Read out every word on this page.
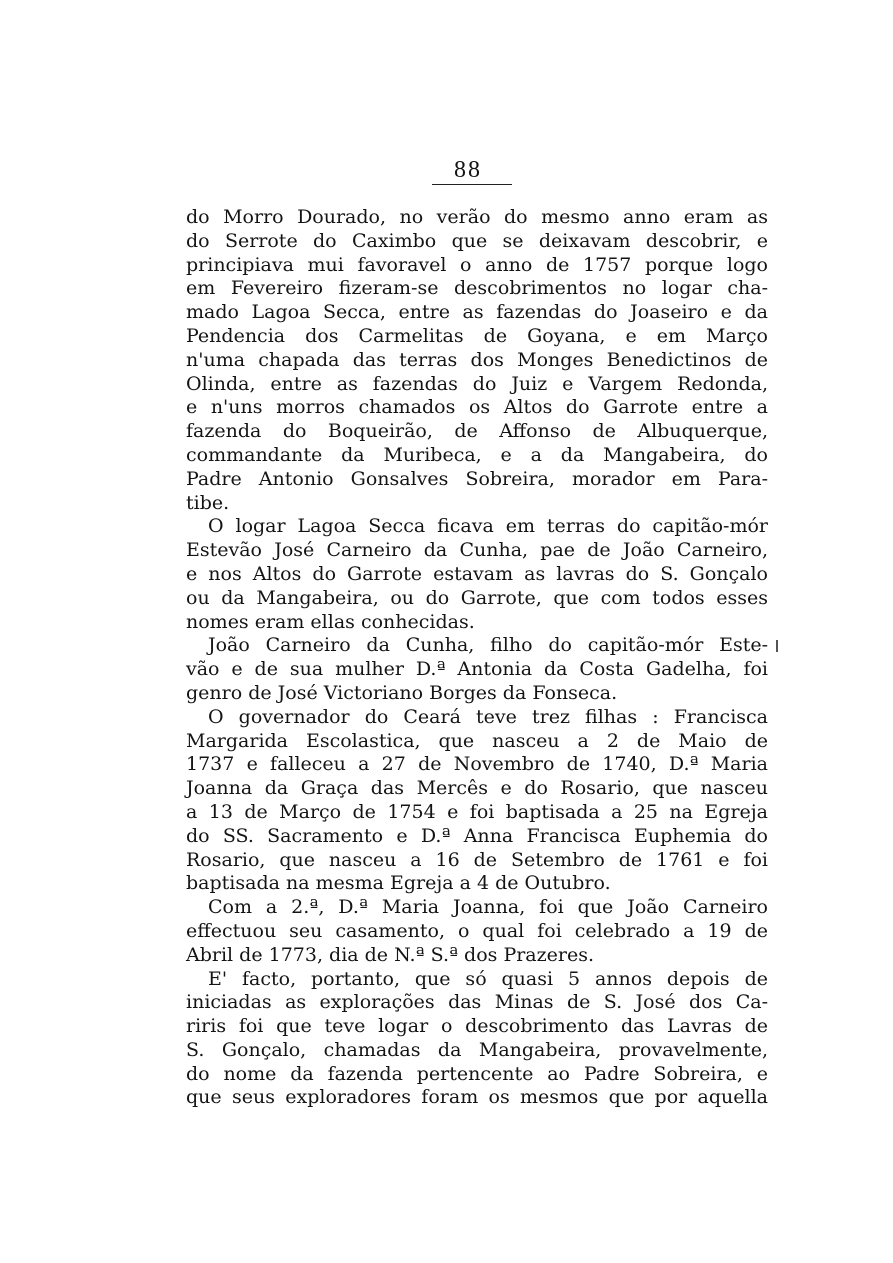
88
do Morro Dourado, no verão do mesmo anno eram as
do Serrote do Caximbo que se deixavam descobrir, e
principiava mui favoravel o anno de 1757 porque logo
em Fevereiro fizeram-se descobrimentos no logar cha-
mado Lagoa Secca, entre as fazendas do Joaseiro e da
Pendencia dos Carmelitas de Goyana, e em Março
n'uma chapada das terras dos Monges Benedictinos de
Olinda, entre as fazendas do Juiz e Vargem Redonda,
e n'uns morros chamados os Altos do Garrote entre a
fazenda do Boqueirão, de Affonso de Albuquerque,
commandante da Muribeca, e a da Mangabeira, do
Padre Antonio Gonsalves Sobreira, morador em Para-
tibe.
O logar Lagoa Secca ficava em terras do capitão-mór
Estevão José Carneiro da Cunha, pae de João Carneiro,
e nos Altos do Garrote estavam as lavras do S. Gonçalo
ou da Mangabeira, ou do Garrote, que com todos esses
nomes eram ellas conhecidas.
João Carneiro da Cunha, filho do capitão-mór Este-
vão e de sua mulher D.ª Antonia da Costa Gadelha, foi
genro de José Victoriano Borges da Fonseca.
O governador do Ceará teve trez filhas : Francisca
Margarida Escolastica, que nasceu a 2 de Maio de
1737 e falleceu a 27 de Novembro de 1740, D.ª Maria
Joanna da Graça das Mercês e do Rosario, que nasceu
a 13 de Março de 1754 e foi baptisada a 25 na Egreja
do SS. Sacramento e D.ª Anna Francisca Euphemia do
Rosario, que nasceu a 16 de Setembro de 1761 e foi
baptisada na mesma Egreja a 4 de Outubro.
Com a 2.ª, D.ª Maria Joanna, foi que João Carneiro
effectuou seu casamento, o qual foi celebrado a 19 de
Abril de 1773, dia de N.ª S.ª dos Prazeres.
E' facto, portanto, que só quasi 5 annos depois de
iniciadas as explorações das Minas de S. José dos Ca-
riris foi que teve logar o descobrimento das Lavras de
S. Gonçalo, chamadas da Mangabeira, provavelmente,
do nome da fazenda pertencente ao Padre Sobreira, e
que seus exploradores foram os mesmos que por aquella
